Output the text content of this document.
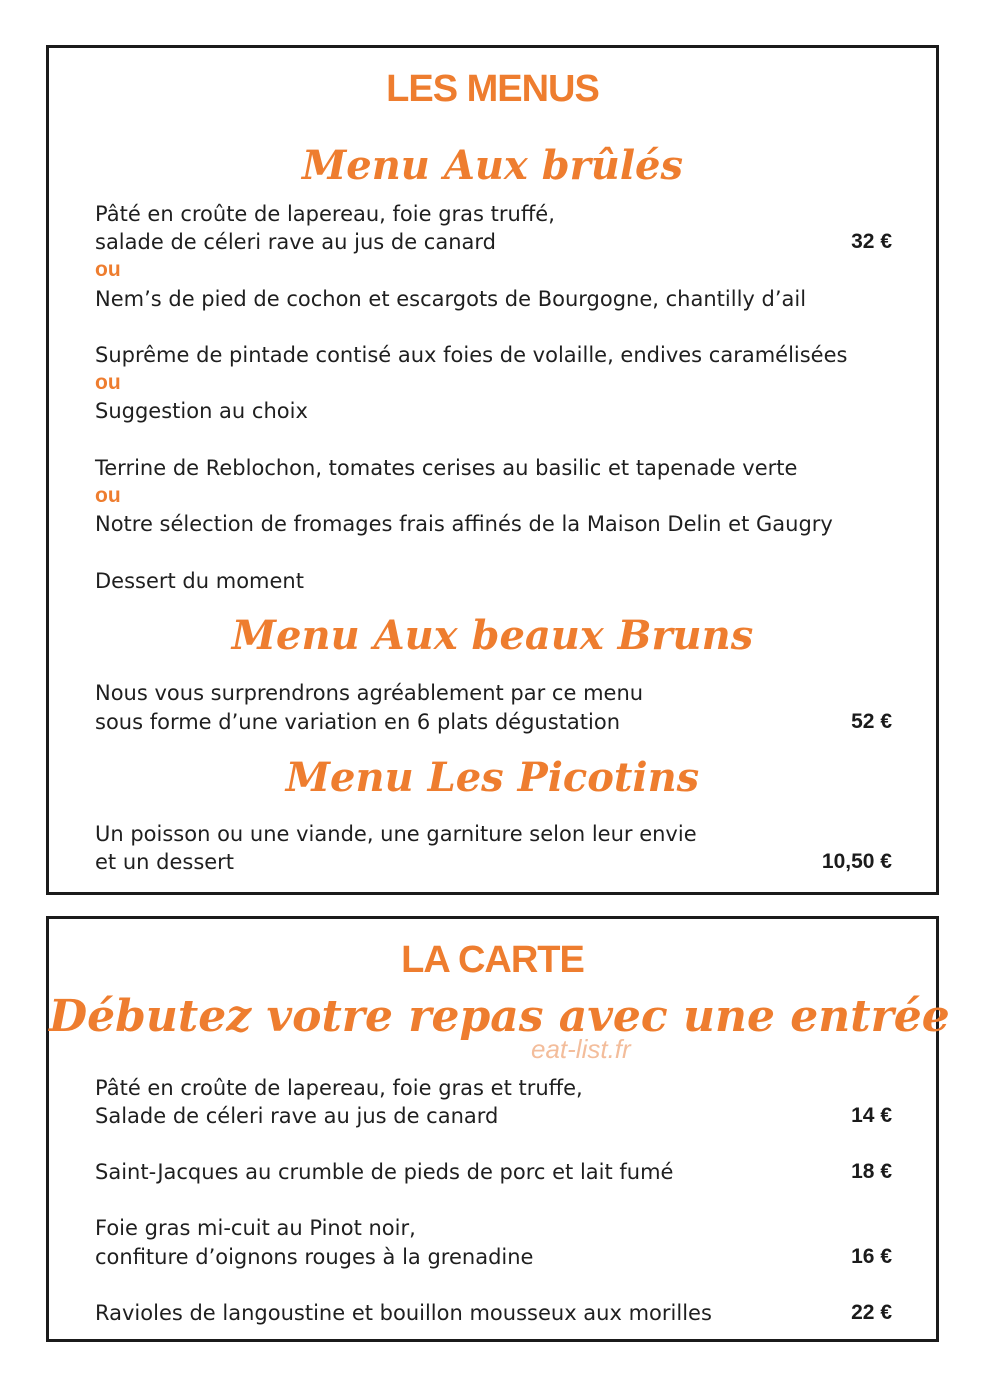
LES MENUS
Menu Aux brûlés
Pâté en croûte de lapereau, foie gras truffé,
salade de céleri rave au jus de canard	32 €
ou
Nem’s de pied de cochon et escargots de Bourgogne, chantilly d’ail
Suprême de pintade contisé aux foies de volaille, endives caramélisées
ou
Suggestion au choix
Terrine de Reblochon, tomates cerises au basilic et tapenade verte
ou
Notre sélection de fromages frais affinés de la Maison Delin et Gaugry
Dessert du moment
Menu Aux beaux Bruns
Nous vous surprendrons agréablement par ce menu
sous forme d’une variation en 6 plats dégustation	52 €
Menu Les Picotins
Un poisson ou une viande, une garniture selon leur envie
et un dessert	10,50 €
LA CARTE
Débutez votre repas avec une entrée
Pâté en croûte de lapereau, foie gras et truffe,
Salade de céleri rave au jus de canard	14 €
Saint-Jacques au crumble de pieds de porc et lait fumé	18 €
Foie gras mi-cuit au Pinot noir,
confiture d’oignons rouges à la grenadine	16 €
Ravioles de langoustine et bouillon mousseux aux morilles	22 €
eat-list.fr
